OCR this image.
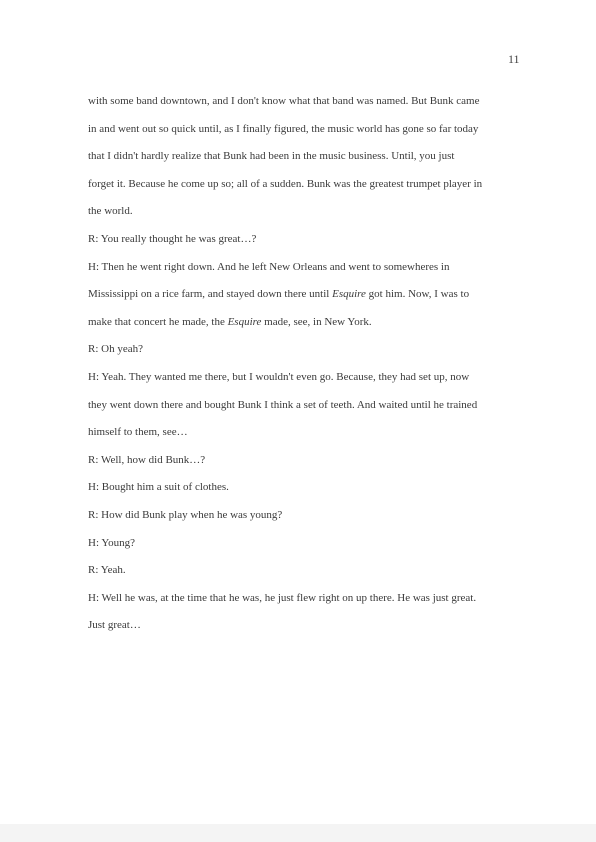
11
with some band downtown, and I don't know what that band was named. But Bunk came
in and went out so quick until, as I finally figured, the music world has gone so far today
that I didn't hardly realize that Bunk had been in the music business. Until, you just
forget it. Because he come up so; all of a sudden. Bunk was the greatest trumpet player in
the world.
R: You really thought he was great…?
H: Then he went right down. And he left New Orleans and went to somewheres in
Mississippi on a rice farm, and stayed down there until Esquire got him. Now, I was to
make that concert he made, the Esquire made, see, in New York.
R: Oh yeah?
H: Yeah. They wanted me there, but I wouldn't even go. Because, they had set up, now
they went down there and bought Bunk I think a set of teeth. And waited until he trained
himself to them, see…
R: Well, how did Bunk…?
H: Bought him a suit of clothes.
R: How did Bunk play when he was young?
H: Young?
R: Yeah.
H: Well he was, at the time that he was, he just flew right on up there. He was just great.
Just great…
